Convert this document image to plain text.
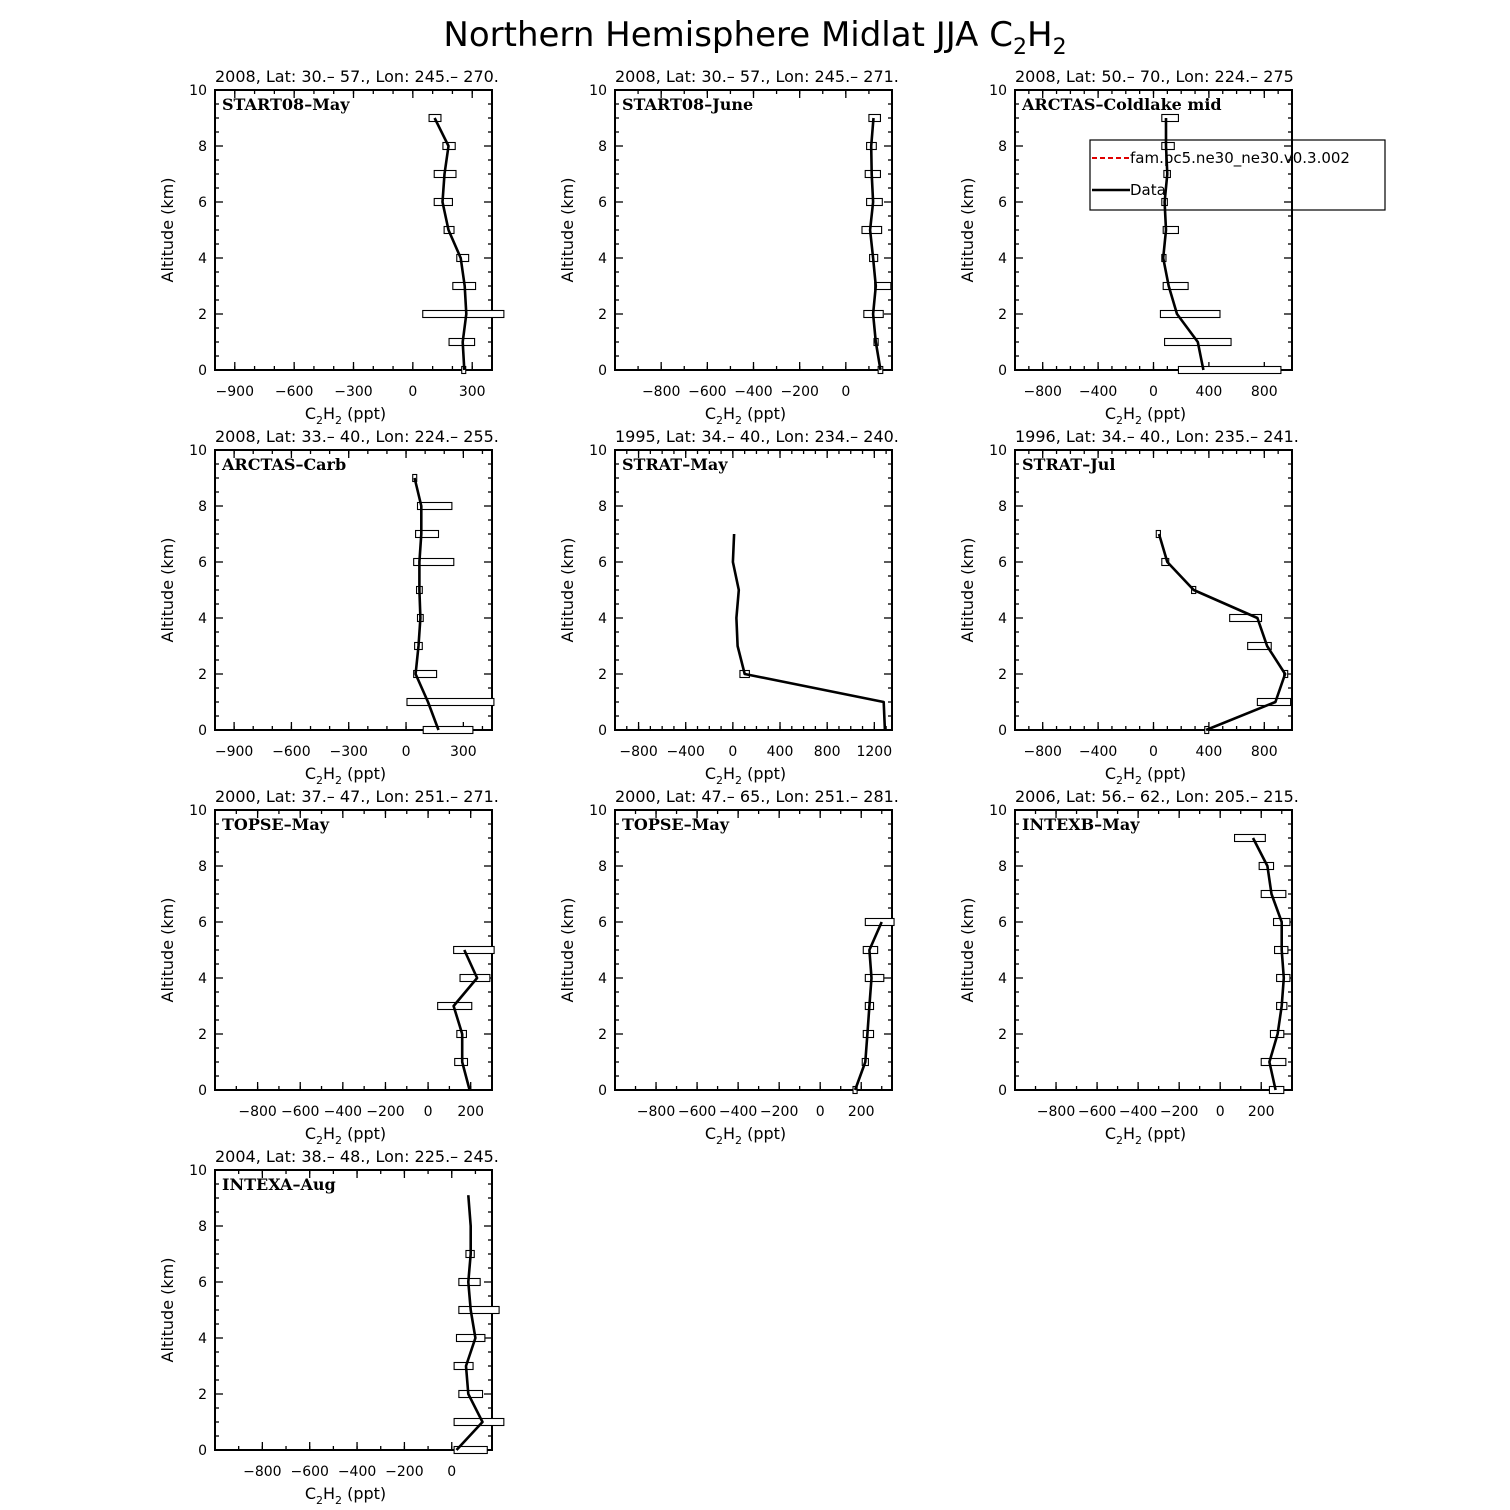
Northern Hemisphere Midlat JJA $C_2H_2$
0
2
4
6
8
10
−900 −600 −300	0	300
2008, Lat: 30.– 57., Lon: 245.– 270.
START08–May
$C_2H_2$ (ppt)
Altitude (km)
0
2
4
6
8
10
−800 −600 −400 −200 0
2008, Lat: 30.– 57., Lon: 245.– 271.
START08–June
$C_2H_2$ (ppt)
Altitude (km)
0
2
4
6
8
10
−800 −400 0	400 800
2008, Lat: 50.– 70., Lon: 224.– 275
ARCTAS–Coldlake mid
$C_2H_2$ (ppt)
Altitude (km)
0
2
4
6
8
10
−900 −600 −300 0	300
2008, Lat: 33.– 40., Lon: 224.– 255.
ARCTAS–Carb
$C_2H_2$ (ppt)
Altitude (km)
0
2
4
6
8
10
−800 −400 0 400 800 1200
1995, Lat: 34.– 40., Lon: 234.– 240.
STRAT–May
$C_2H_2$ (ppt)
Altitude (km)
0
2
4
6
8
10
−800 −400 0	400 800
1996, Lat: 34.– 40., Lon: 235.– 241.
STRAT–Jul
$C_2H_2$ (ppt)
Altitude (km)
0
2
4
6
8
10
−800 −600 −400 −200 0 200
2000, Lat: 37.– 47., Lon: 251.– 271.
TOPSE–May
$C_2H_2$ (ppt)
Altitude (km)
0
2
4
6
8
10
−800 −600 −400 −200 0 200
2000, Lat: 47.– 65., Lon: 251.– 281.
TOPSE–May
$C_2H_2$ (ppt)
Altitude (km)
0
2
4
6
8
10
−800 −600 −400 −200 0 200
2006, Lat: 56.– 62., Lon: 205.– 215.
INTEXB–May
$C_2H_2$ (ppt)
Altitude (km)
0
2
4
6
8
10
−800 −600 −400 −200 0
2004, Lat: 38.– 48., Lon: 225.– 245.
INTEXA–Aug
$C_2H_2$ (ppt)
Altitude (km)
fam.pc5.ne30_ne30.v0.3.002
Data
